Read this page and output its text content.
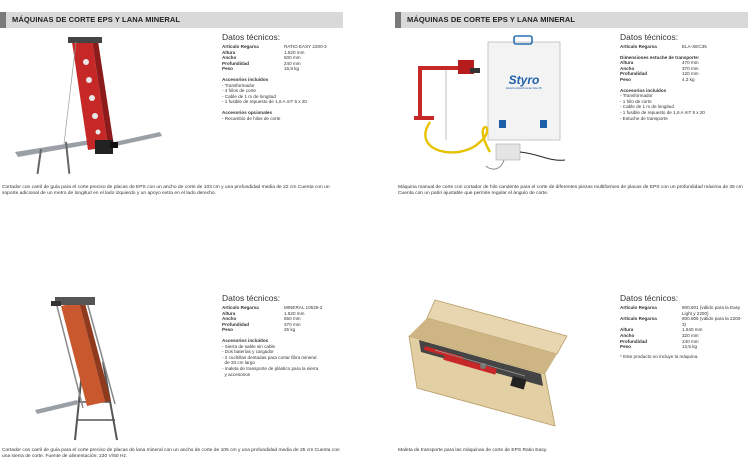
MÁQUINAS DE CORTE EPS Y LANA MINERAL	MÁQUINAS DE CORTE EPS Y LANA MINERAL
Datos técnicos:
Artículo Regarsa	RATIO EASY 2200-3
Altura	1.520 mm
Ancho	500 mm
Profundidad	240 mm
Peso	16,8 kg
Accesorios incluidos
- Transformador
- 4 hilos de corte
- Cable de 1 m de longitud
- 1 fusible de repuesto de 1,6 A mT 5 x 20
Accesorios opcionales
- Recambio de hilos de corte
Cortador con carril de guía para el corte preciso de placas de EPS con un ancho de corte de 103 cm y una profundidad media de 22 cm Cuenta con un soporte adicional de un metro de longitud en el lado izquierdo y un apoyo extra en el lado derecho.
Styro
Elektronikschneider Ela 35
Datos técnicos:
Artículo Regarsa	ELA-SEC35
Dimensiones estuche de transporte:
Altura	470 mm
Ancho	370 mm
Profundidad	120 mm
Peso	4,3 kg
Accesorios incluidos
- Transformador
- 1 hilo de corte
- Cable de 1 m de longitud
- 1 fusible de repuesto de 1,6 A mT 5 x 20
- Estuche de transporte
Máquina manual de corte con cortador de hilo candente para el corte de diferentes piezas multiformes de placas de EPS con un profundidad máxima de 35 cm Cuenta con un patín ajustable que permite regular el ángulo de corte.
Datos técnicos:
Artículo Regarsa	MINERAL 10525-2
Altura	1.520 mm
Ancho	550 mm
Profundidad	370 mm
Peso	25 kg
Accesorios incluidos
- Sierra de sable sin cable
- Dos baterías y cargador
- 2 cuchillas dentadas para cortar fibra mineral
de 33 cm largo
- maleta de transporte de plástico para la sierra
y accesorios
Cortador con carril de guía para el corte preciso de placas de lana mineral con un ancho de corte de 105 cm y una profundidad media de 25 cm Cuenta con una sierra de corte. Fuente de alimentación: 230 V/50 Hz.
Datos técnicos:
Artículo Regarsa	800.601 (válido para la Easy Light y 2200)
Artículo Regarsa	800.605 (válido para la 2200-3)
Altura	1.540 mm
Ancho	320 mm
Profundidad	240 mm
Peso	13,5 kg
* Este producto no incluye la máquina.
Maleta de transporte para las máquinas de corte de EPS Ratio Easy.
